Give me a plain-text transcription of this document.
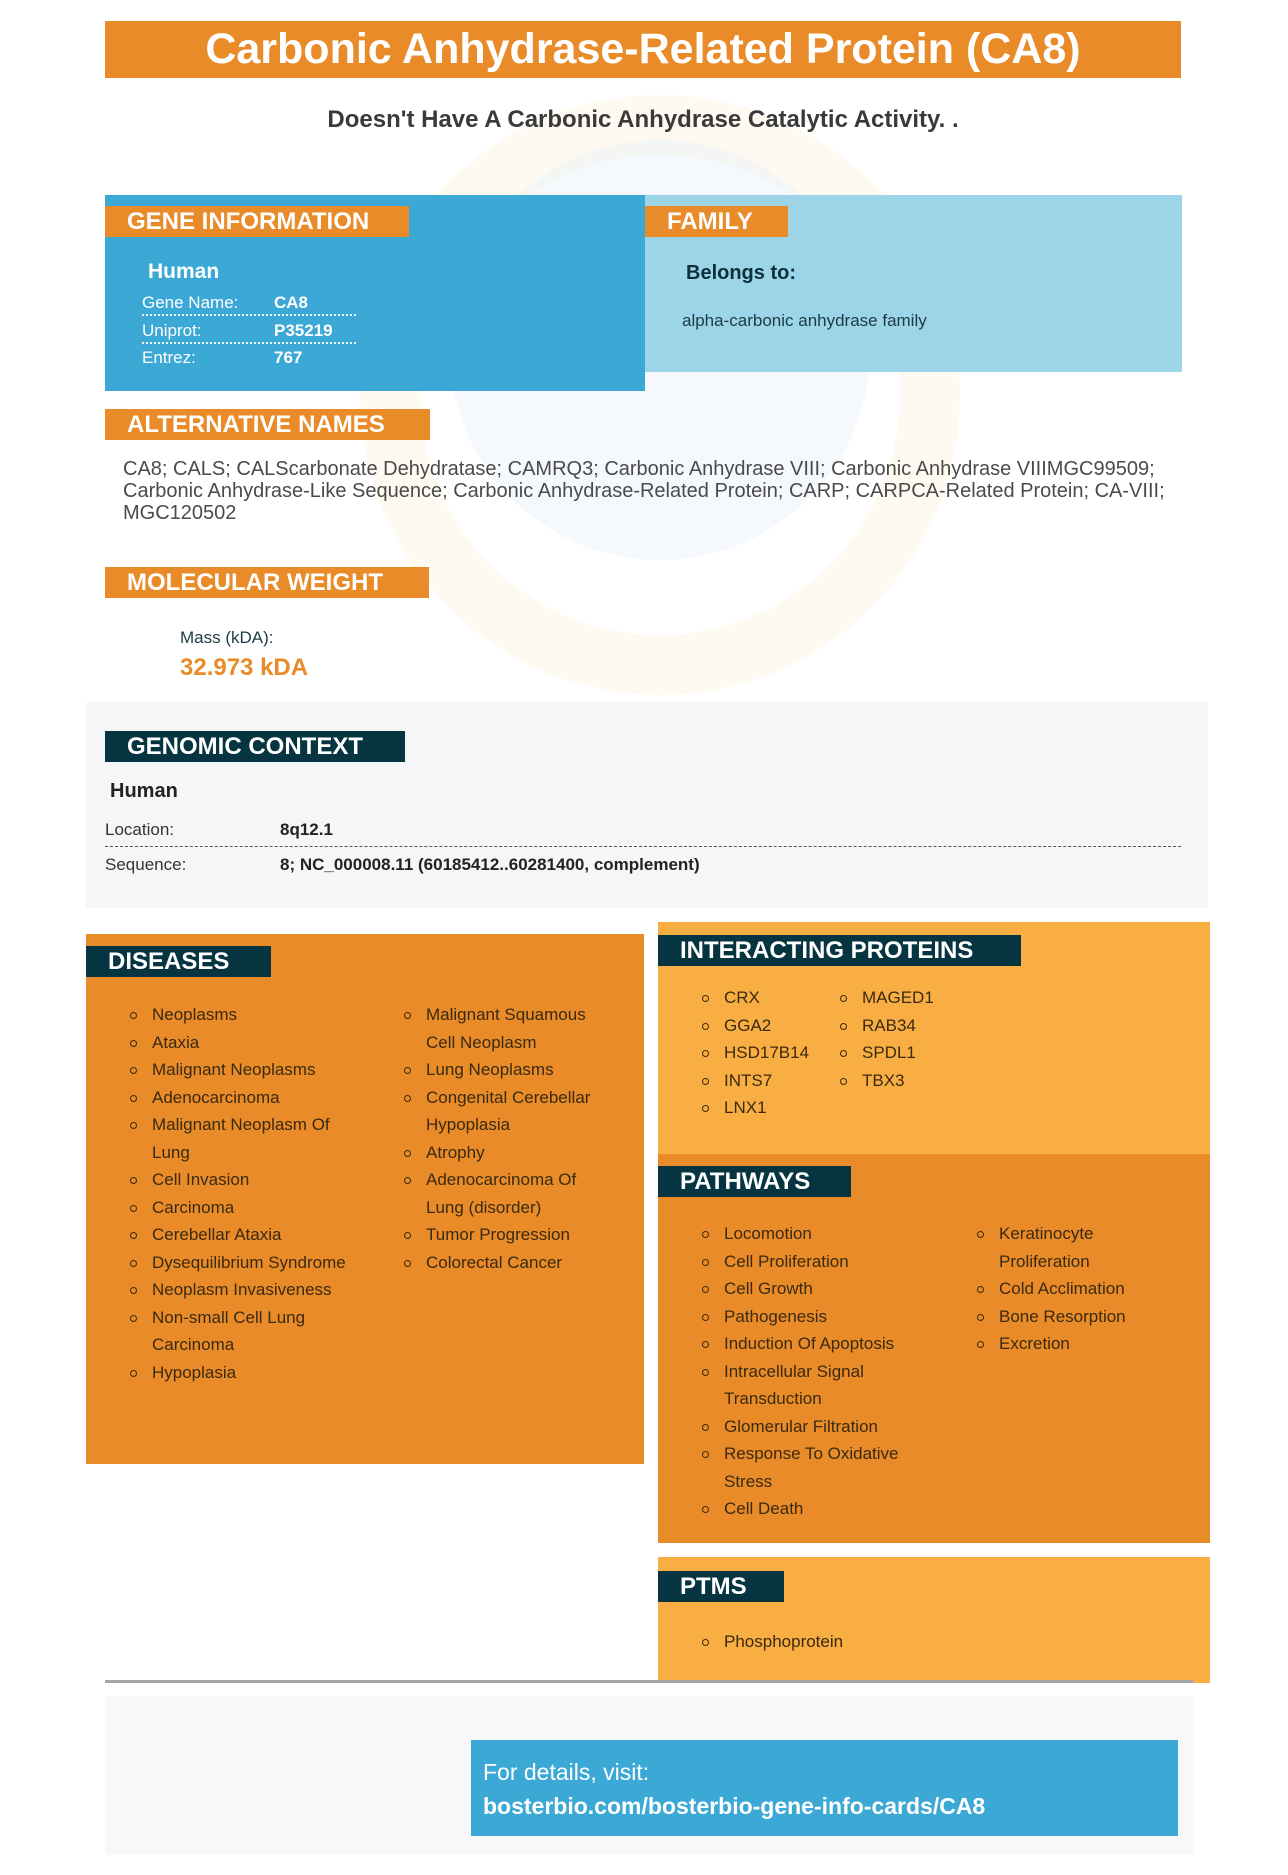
Carbonic Anhydrase-Related Protein (CA8)
Doesn't Have A Carbonic Anhydrase Catalytic Activity. .
GENE INFORMATION
Human
Gene Name: CA8
Uniprot:	P35219
Entrez:	767
FAMILY
Belongs to:
alpha-carbonic anhydrase family
ALTERNATIVE NAMES
CA8; CALS; CALScarbonate Dehydratase; CAMRQ3; Carbonic Anhydrase VIII; Carbonic Anhydrase VIIIMGC99509; Carbonic Anhydrase-Like Sequence; Carbonic Anhydrase-Related Protein; CARP; CARPCA-Related Protein; CA-VIII; MGC120502
MOLECULAR WEIGHT
Mass (kDA):
32.973 kDA
GENOMIC CONTEXT
Human
Location:	8q12.1
Sequence:	8; NC_000008.11 (60185412..60281400, complement)
DISEASES
Neoplasms
Ataxia
Malignant Neoplasms
Adenocarcinoma
Malignant Neoplasm Of Lung
Cell Invasion
Carcinoma
Cerebellar Ataxia
Dysequilibrium Syndrome
Neoplasm Invasiveness
Non-small Cell Lung Carcinoma
Hypoplasia
Malignant Squamous Cell Neoplasm
Lung Neoplasms
Congenital Cerebellar Hypoplasia
Atrophy
Adenocarcinoma Of Lung (disorder)
Tumor Progression
Colorectal Cancer
INTERACTING PROTEINS
CRX
GGA2
HSD17B14
INTS7
LNX1
MAGED1
RAB34
SPDL1
TBX3
PATHWAYS
Locomotion
Cell Proliferation
Cell Growth
Pathogenesis
Induction Of Apoptosis
Intracellular Signal Transduction
Glomerular Filtration
Response To Oxidative Stress
Cell Death
Keratinocyte Proliferation
Cold Acclimation
Bone Resorption
Excretion
PTMS
Phosphoprotein
For details, visit:
bosterbio.com/bosterbio-gene-info-cards/CA8
